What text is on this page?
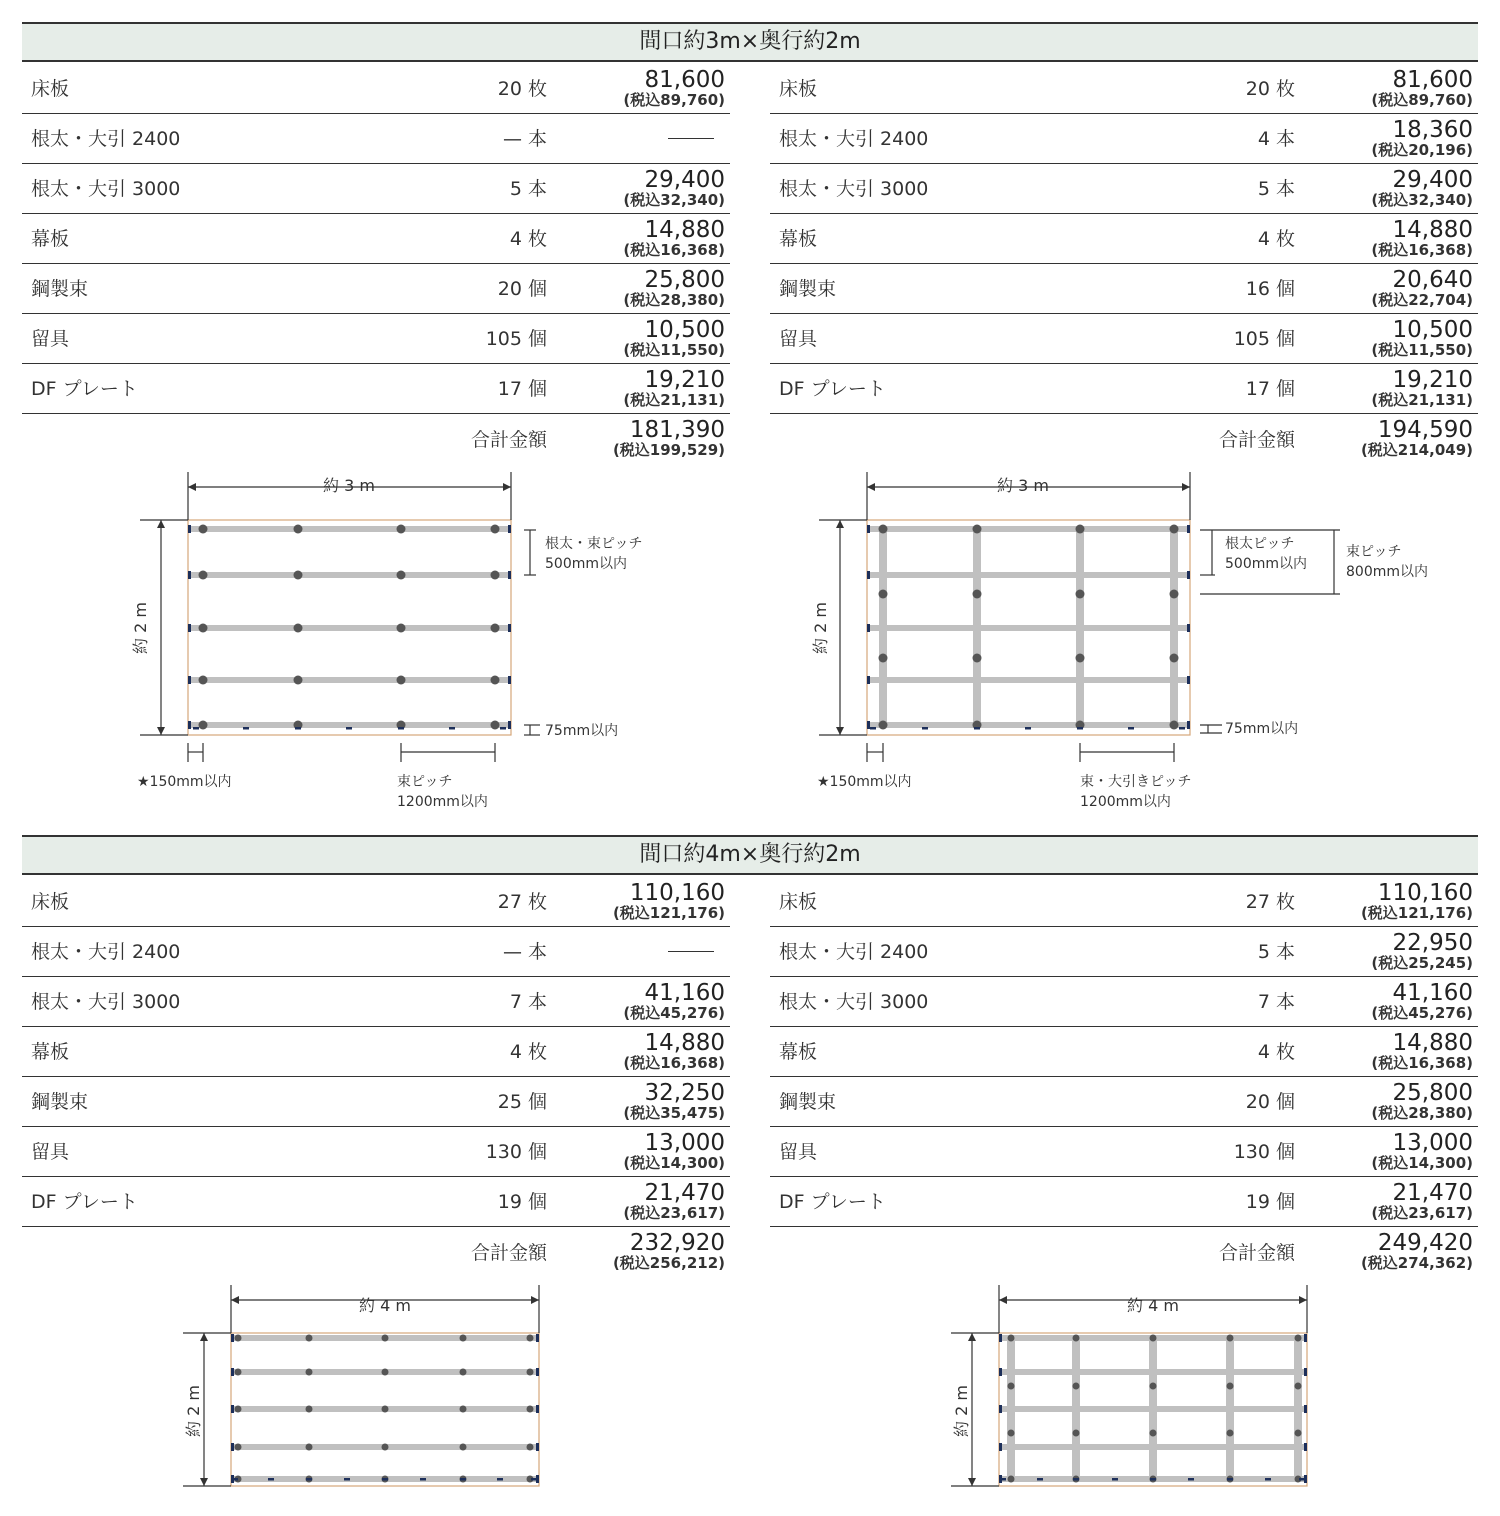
間口約3m×奥行約2m
床板	20 枚	81,600
(税込89,760)
根太・大引 2400	— 本
根太・大引 3000	5 本	29,400
(税込32,340)
幕板	4 枚	14,880
(税込16,368)
鋼製束	20 個	25,800
(税込28,380)
留具	105 個	10,500
(税込11,550)
DF プレート	17 個	19,210
(税込21,131)
合計金額	181,390
(税込199,529)
床板	20 枚	81,600
(税込89,760)
根太・大引 2400	4 本	18,360
(税込20,196)
根太・大引 3000	5 本	29,400
(税込32,340)
幕板	4 枚	14,880
(税込16,368)
鋼製束	16 個	20,640
(税込22,704)
留具	105 個	10,500
(税込11,550)
DF プレート	17 個	19,210
(税込21,131)
合計金額	194,590
(税込214,049)
間口約4m×奥行約2m
床板	27 枚	110,160
(税込121,176)
根太・大引 2400	— 本
根太・大引 3000	7 本	41,160
(税込45,276)
幕板	4 枚	14,880
(税込16,368)
鋼製束	25 個	32,250
(税込35,475)
留具	130 個	13,000
(税込14,300)
DF プレート	19 個	21,470
(税込23,617)
合計金額	232,920
(税込256,212)
床板	27 枚	110,160
(税込121,176)
根太・大引 2400	5 本	22,950
(税込25,245)
根太・大引 3000	7 本	41,160
(税込45,276)
幕板	4 枚	14,880
(税込16,368)
鋼製束	20 個	25,800
(税込28,380)
留具	130 個	13,000
(税込14,300)
DF プレート	19 個	21,470
(税込23,617)
合計金額	249,420
(税込274,362)
約 3 m
約 2 m
根太・束ピッチ
500mm以内
75mm以内
★150mm以内	束ピッチ
1200mm以内
約 3 m
約 2 m
根太ピッチ
500mm以内
束ピッチ
800mm以内
75mm以内
★150mm以内	束・大引きピッチ
1200mm以内
約 4 m
約 2 m
約 4 m
約 2 m
